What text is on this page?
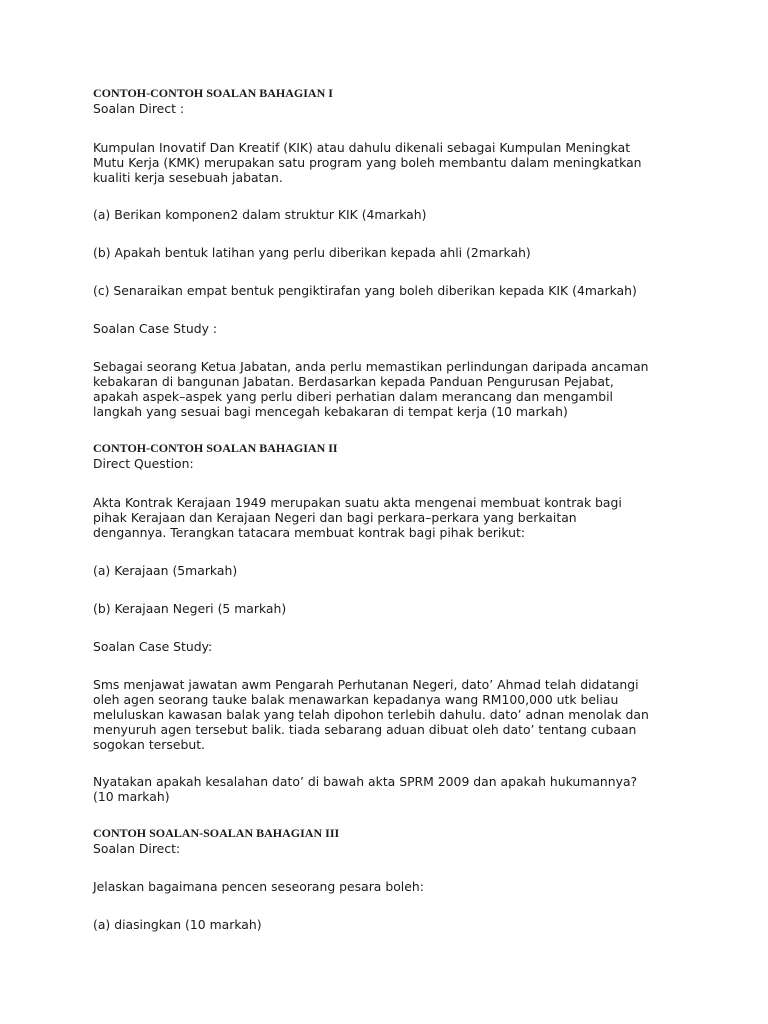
CONTOH-CONTOH SOALAN BAHAGIAN I

Soalan Direct :

Kumpulan Inovatif Dan Kreatif (KIK) atau dahulu dikenali sebagai Kumpulan Meningkat
Mutu Kerja (KMK) merupakan satu program yang boleh membantu dalam meningkatkan
kualiti kerja sesebuah jabatan.

(a) Berikan komponen2 dalam struktur KIK (4markah)

(b) Apakah bentuk latihan yang perlu diberikan kepada ahli (2markah)

(c) Senaraikan empat bentuk pengiktirafan yang boleh diberikan kepada KIK (4markah)

Soalan Case Study :

Sebagai seorang Ketua Jabatan, anda perlu memastikan perlindungan daripada ancaman
kebakaran di bangunan Jabatan. Berdasarkan kepada Panduan Pengurusan Pejabat,
apakah aspek–aspek yang perlu diberi perhatian dalam merancang dan mengambil
langkah yang sesuai bagi mencegah kebakaran di tempat kerja (10 markah)

CONTOH-CONTOH SOALAN BAHAGIAN II

Direct Question:

Akta Kontrak Kerajaan 1949 merupakan suatu akta mengenai membuat kontrak bagi
pihak Kerajaan dan Kerajaan Negeri dan bagi perkara–perkara yang berkaitan
dengannya. Terangkan tatacara membuat kontrak bagi pihak berikut:

(a) Kerajaan (5markah)

(b) Kerajaan Negeri (5 markah)

Soalan Case Study:

Sms menjawat jawatan awm Pengarah Perhutanan Negeri, dato’ Ahmad telah didatangi
oleh agen seorang tauke balak menawarkan kepadanya wang RM100,000 utk beliau
meluluskan kawasan balak yang telah dipohon terlebih dahulu. dato’ adnan menolak dan
menyuruh agen tersebut balik. tiada sebarang aduan dibuat oleh dato’ tentang cubaan
sogokan tersebut.
Nyatakan apakah kesalahan dato’ di bawah akta SPRM 2009 dan apakah hukumannya?
(10 markah)

CONTOH SOALAN-SOALAN BAHAGIAN III

Soalan Direct:

Jelaskan bagaimana pencen seseorang pesara boleh:

(a) diasingkan (10 markah)
